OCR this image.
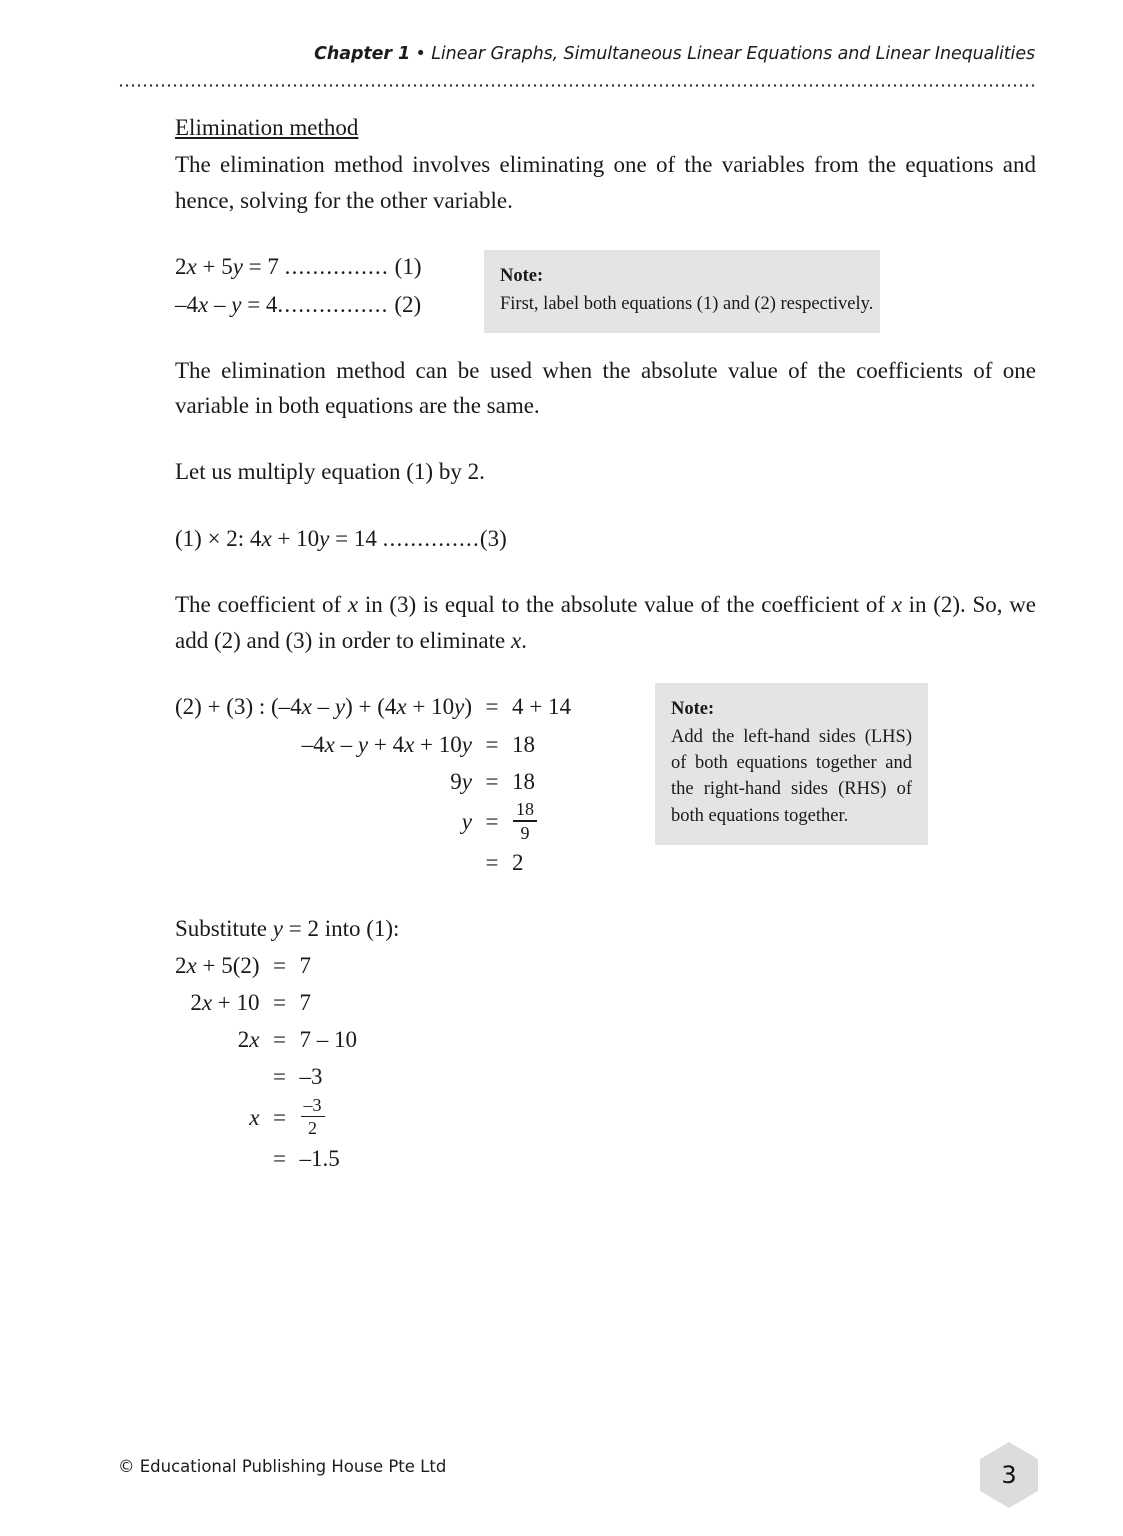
Chapter 1 • Linear Graphs, Simultaneous Linear Equations and Linear Inequalities
Note:
First, label both equations (1) and (2) respectively.
Note:
Add the left-hand sides (LHS) of both equations together and the right-hand sides (RHS) of both equations together.
Elimination method

The elimination method involves eliminating one of the variables from the equations and hence, solving for the other variable.

2x + 5y = 7 ............... (1)
–4x – y = 4................ (2)

The elimination method can be used when the absolute value of the coefficients of one variable in both equations are the same.

Let us multiply equation (1) by 2.

(1) × 2: 4x + 10y = 14 ..............(3)

The coefficient of x in (3) is equal to the absolute value of the coefficient of x in (2). So, we add (2) and (3) in order to eliminate x.

(2) + (3) : (–4x – y) + (4x + 10y)	=	4 + 14
–4x – y + 4x + 10y	=	18
9y	=	18
y	=	$\frac{18}{9}$

	=	2

Substitute y = 2 into (1):

2x + 5(2)	=	7
2x + 10	=	7
2x	=	7 – 10
	=	–3
x	=	$\frac{-3}{2}$

	=	–1.5
© Educational Publishing House Pte Ltd	3
